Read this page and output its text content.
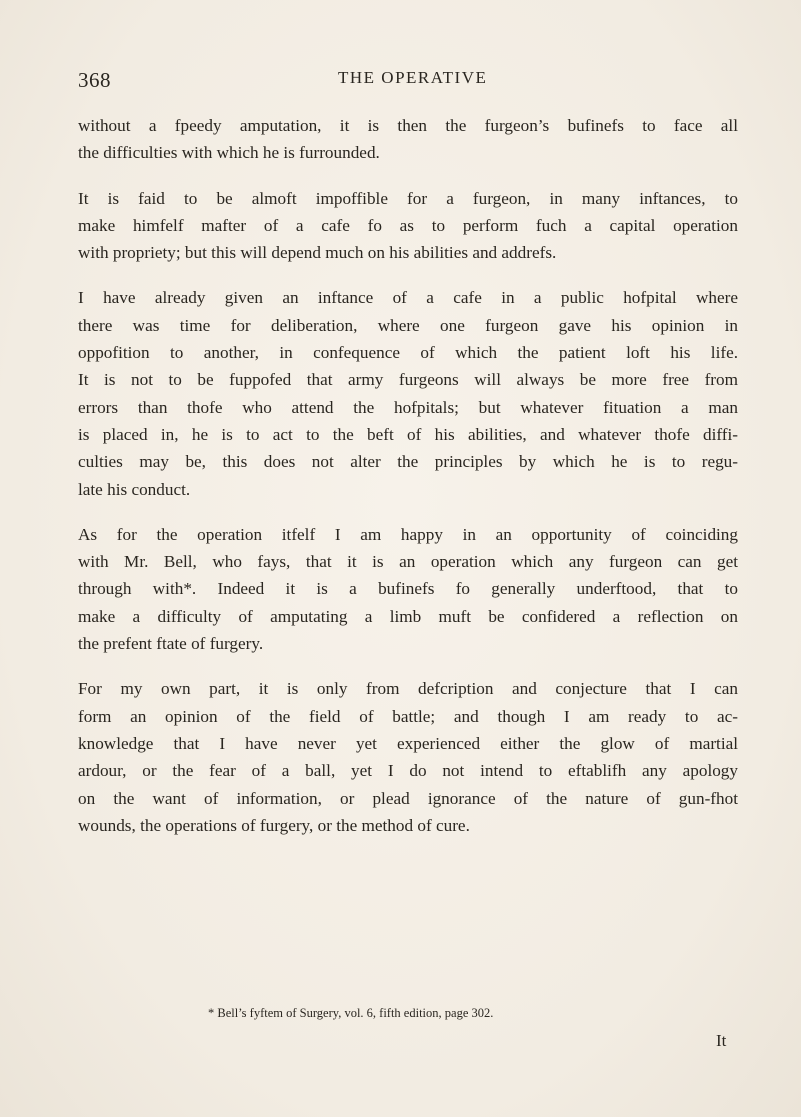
368	THE OPERATIVE
without a fpeedy amputation, it is then the furgeon’s bufinefs to face all
the difficulties with which he is furrounded.
It is faid to be almoft impoffible for a furgeon, in many inftances, to
make himfelf mafter of a cafe fo as to perform fuch a capital operation
with propriety; but this will depend much on his abilities and addrefs.
I have already given an inftance of a cafe in a public hofpital where
there was time for deliberation, where one furgeon gave his opinion in
oppofition to another, in confequence of which the patient loft his life.
It is not to be fuppofed that army furgeons will always be more free from
errors than thofe who attend the hofpitals; but whatever fituation a man
is placed in, he is to act to the beft of his abilities, and whatever thofe diffi-
culties may be, this does not alter the principles by which he is to regu-
late his conduct.
As for the operation itfelf I am happy in an opportunity of coinciding
with Mr. Bell, who fays, that it is an operation which any furgeon can get
through with*. Indeed it is a bufinefs fo generally underftood, that to
make a difficulty of amputating a limb muft be confidered a reflection on
the prefent ftate of furgery.
For my own part, it is only from defcription and conjecture that I can
form an opinion of the field of battle; and though I am ready to ac-
knowledge that I have never yet experienced either the glow of martial
ardour, or the fear of a ball, yet I do not intend to eftablifh any apology
on the want of information, or plead ignorance of the nature of gun-fhot
wounds, the operations of furgery, or the method of cure.
* Bell’s fyftem of Surgery, vol. 6, fifth edition, page 302.
It
